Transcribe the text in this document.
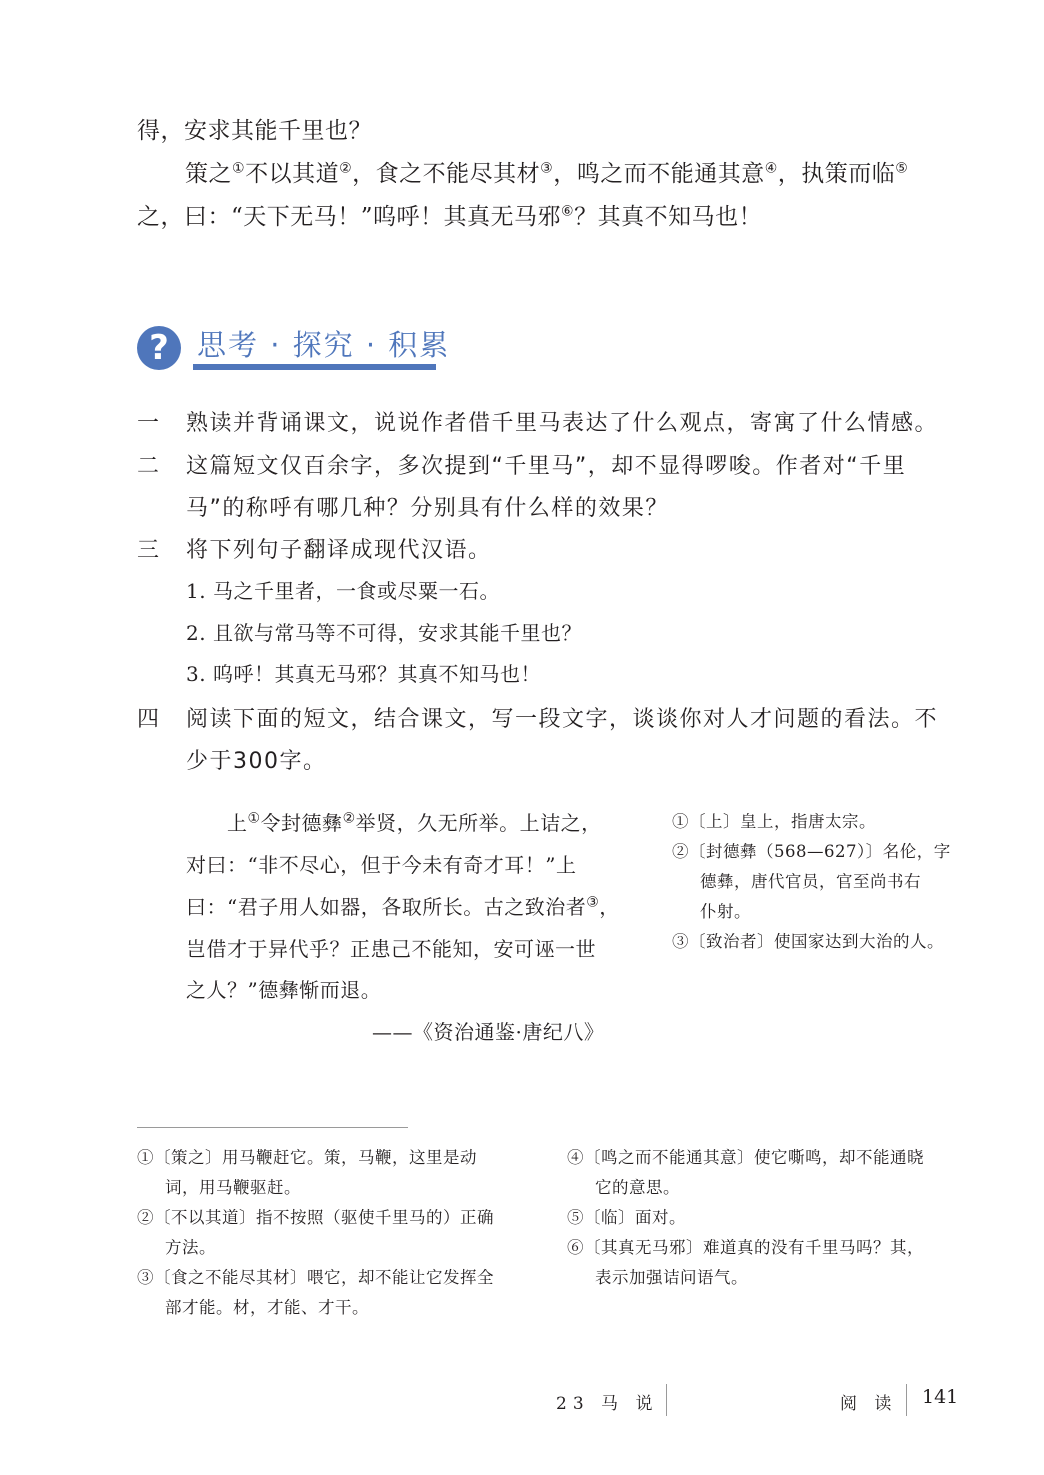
得，安求其能千里也？
策之①不以其道②，食之不能尽其材③，鸣之而不能通其意④，执策而临⑤
之，曰：“天下无马！”呜呼！其真无马邪⑥？其真不知马也！
? 思考 · 探究 · 积累
一 熟读并背诵课文，说说作者借千里马表达了什么观点，寄寓了什么情感。
二 这篇短文仅百余字，多次提到“千里马”，却不显得啰唆。作者对“千里
马”的称呼有哪几种？分别具有什么样的效果？
三 将下列句子翻译成现代汉语。
1. 马之千里者，一食或尽粟一石。
2. 且欲与常马等不可得，安求其能千里也？
3. 呜呼！其真无马邪？其真不知马也！
四 阅读下面的短文，结合课文，写一段文字，谈谈你对人才问题的看法。不
少于300字。
上①令封德彝②举贤，久无所举。上诘之，
对曰：“非不尽心，但于今未有奇才耳！”上
曰：“君子用人如器，各取所长。古之致治者③，
岂借才于异代乎？正患己不能知，安可诬一世
之人？”德彝惭而退。
——《资治通鉴·唐纪八》
①〔上〕皇上，指唐太宗。
②〔封德彝（568—627）〕名伦，字
德彝，唐代官员，官至尚书右
仆射。
③〔致治者〕使国家达到大治的人。
①〔策之〕用马鞭赶它。策，马鞭，这里是动
词，用马鞭驱赶。
②〔不以其道〕指不按照（驱使千里马的）正确
方法。
③〔食之不能尽其材〕喂它，却不能让它发挥全
部才能。材，才能、才干。
④〔鸣之而不能通其意〕使它嘶鸣，却不能通晓
它的意思。
⑤〔临〕面对。
⑥〔其真无马邪〕难道真的没有千里马吗？其，
表示加强诘问语气。
23 马 说	阅 读 141
